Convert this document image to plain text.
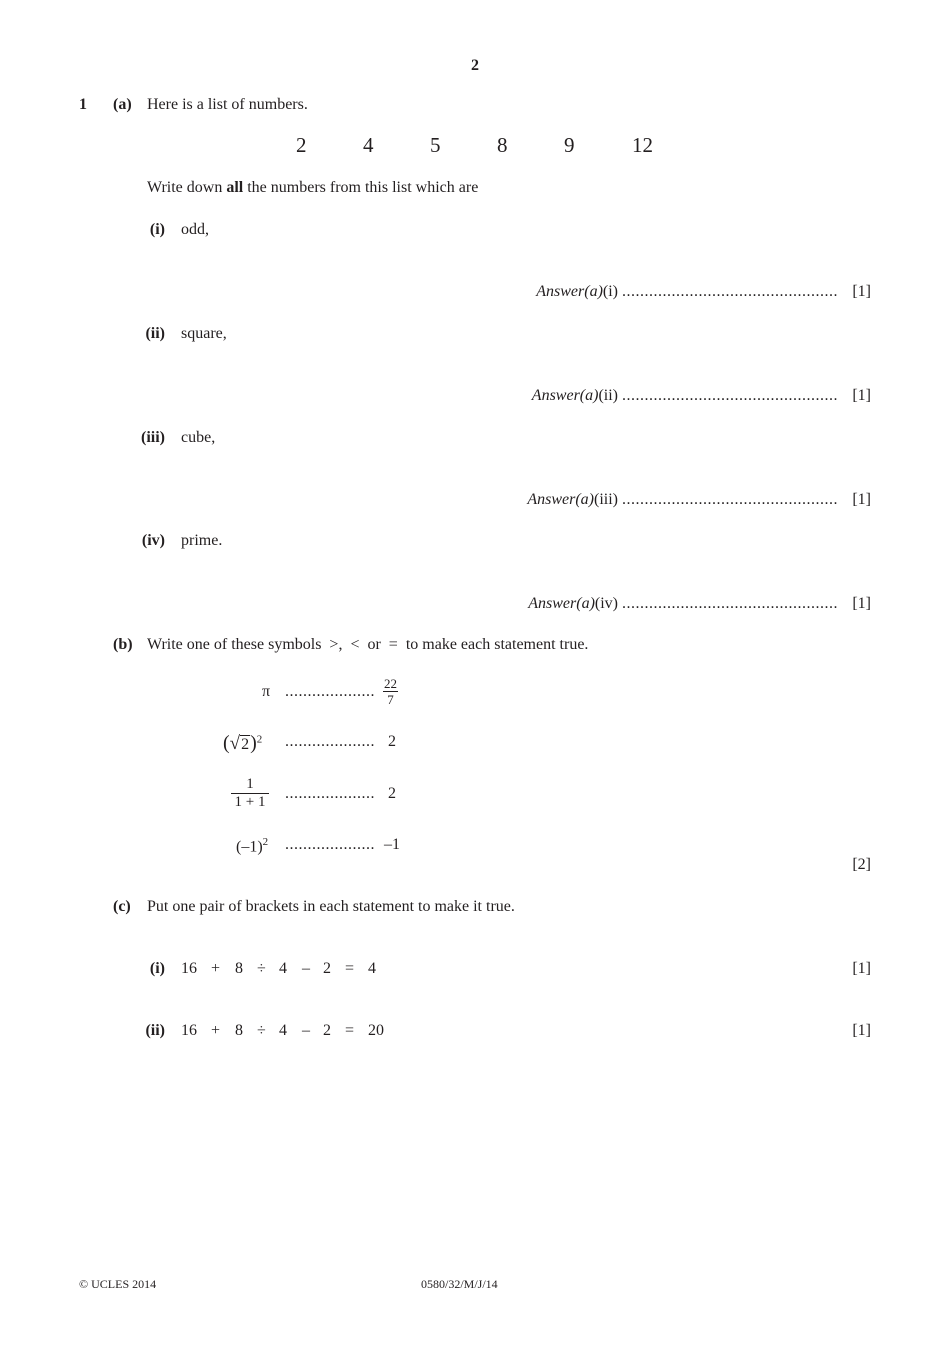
2
1 (a) Here is a list of numbers.
2	4	5	8	9	12
Write down all the numbers from this list which are
(i) odd,
Answer(a)(i) ................................................ [1]
(ii) square,
Answer(a)(ii) ................................................ [1]
(iii) cube,
Answer(a)(iii) ................................................ [1]
(iv) prime.
Answer(a)(iv) ................................................ [1]
(b) Write one of these symbols  >,  <  or  =  to make each statement true.
π .................... $\frac{22}{7}$
$(√2)^2$ .................... 2
$\frac{1}{1 + 1}$ .................... 2
$(-1)^2$ .................... –1
[2]
(c) Put one pair of brackets in each statement to make it true.
(i) 16 + 8 ÷ 4 – 2 = 4	[1]
(ii) 16 + 8 ÷ 4 – 2 = 20	[1]
© UCLES 2014	0580/32/M/J/14
